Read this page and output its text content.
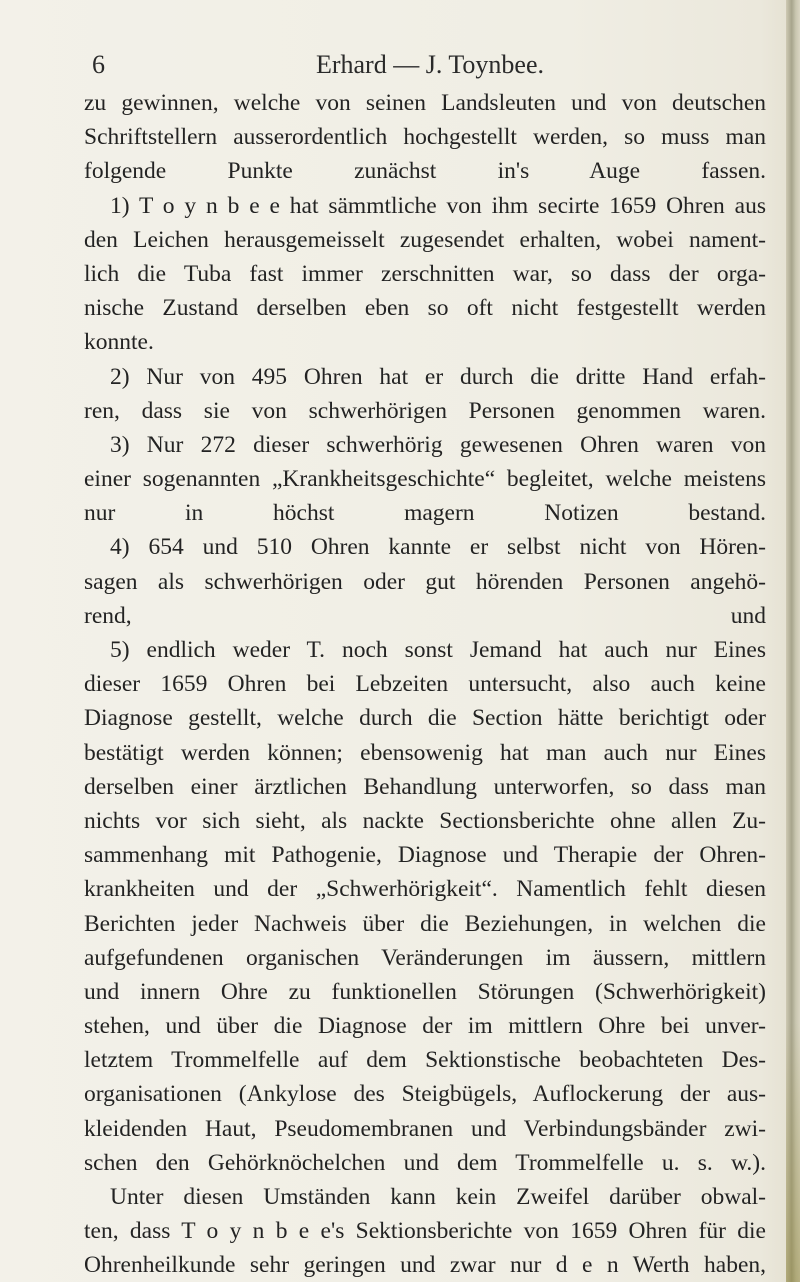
6	Erhard — J. Toynbee.
zu gewinnen, welche von seinen Landsleuten und von deutschen
Schriftstellern ausserordentlich hochgestellt werden, so muss man
folgende Punkte zunächst in's Auge fassen.
1) T o y n b e e hat sämmtliche von ihm secirte 1659 Ohren aus
den Leichen herausgemeisselt zugesendet erhalten, wobei nament-
lich die Tuba fast immer zerschnitten war, so dass der orga-
nische Zustand derselben eben so oft nicht festgestellt werden
konnte.
2) Nur von 495 Ohren hat er durch die dritte Hand erfah-
ren, dass sie von schwerhörigen Personen genommen waren.
3) Nur 272 dieser schwerhörig gewesenen Ohren waren von
einer sogenannten „Krankheitsgeschichte“ begleitet, welche meistens
nur in höchst magern Notizen bestand.
4) 654 und 510 Ohren kannte er selbst nicht von Hören-
sagen als schwerhörigen oder gut hörenden Personen angehö-
rend, und
5) endlich weder T. noch sonst Jemand hat auch nur Eines
dieser 1659 Ohren bei Lebzeiten untersucht, also auch keine
Diagnose gestellt, welche durch die Section hätte berichtigt oder
bestätigt werden können; ebensowenig hat man auch nur Eines
derselben einer ärztlichen Behandlung unterworfen, so dass man
nichts vor sich sieht, als nackte Sectionsberichte ohne allen Zu-
sammenhang mit Pathogenie, Diagnose und Therapie der Ohren-
krankheiten und der „Schwerhörigkeit“. Namentlich fehlt diesen
Berichten jeder Nachweis über die Beziehungen, in welchen die
aufgefundenen organischen Veränderungen im äussern, mittlern
und innern Ohre zu funktionellen Störungen (Schwerhörigkeit)
stehen, und über die Diagnose der im mittlern Ohre bei unver-
letztem Trommelfelle auf dem Sektionstische beobachteten Des-
organisationen (Ankylose des Steigbügels, Auflockerung der aus-
kleidenden Haut, Pseudomembranen und Verbindungsbänder zwi-
schen den Gehörknöchelchen und dem Trommelfelle u. s. w.).
Unter diesen Umständen kann kein Zweifel darüber obwal-
ten, dass T o y n b e e's Sektionsberichte von 1659 Ohren für die
Ohrenheilkunde sehr geringen und zwar nur d e n Werth haben,
